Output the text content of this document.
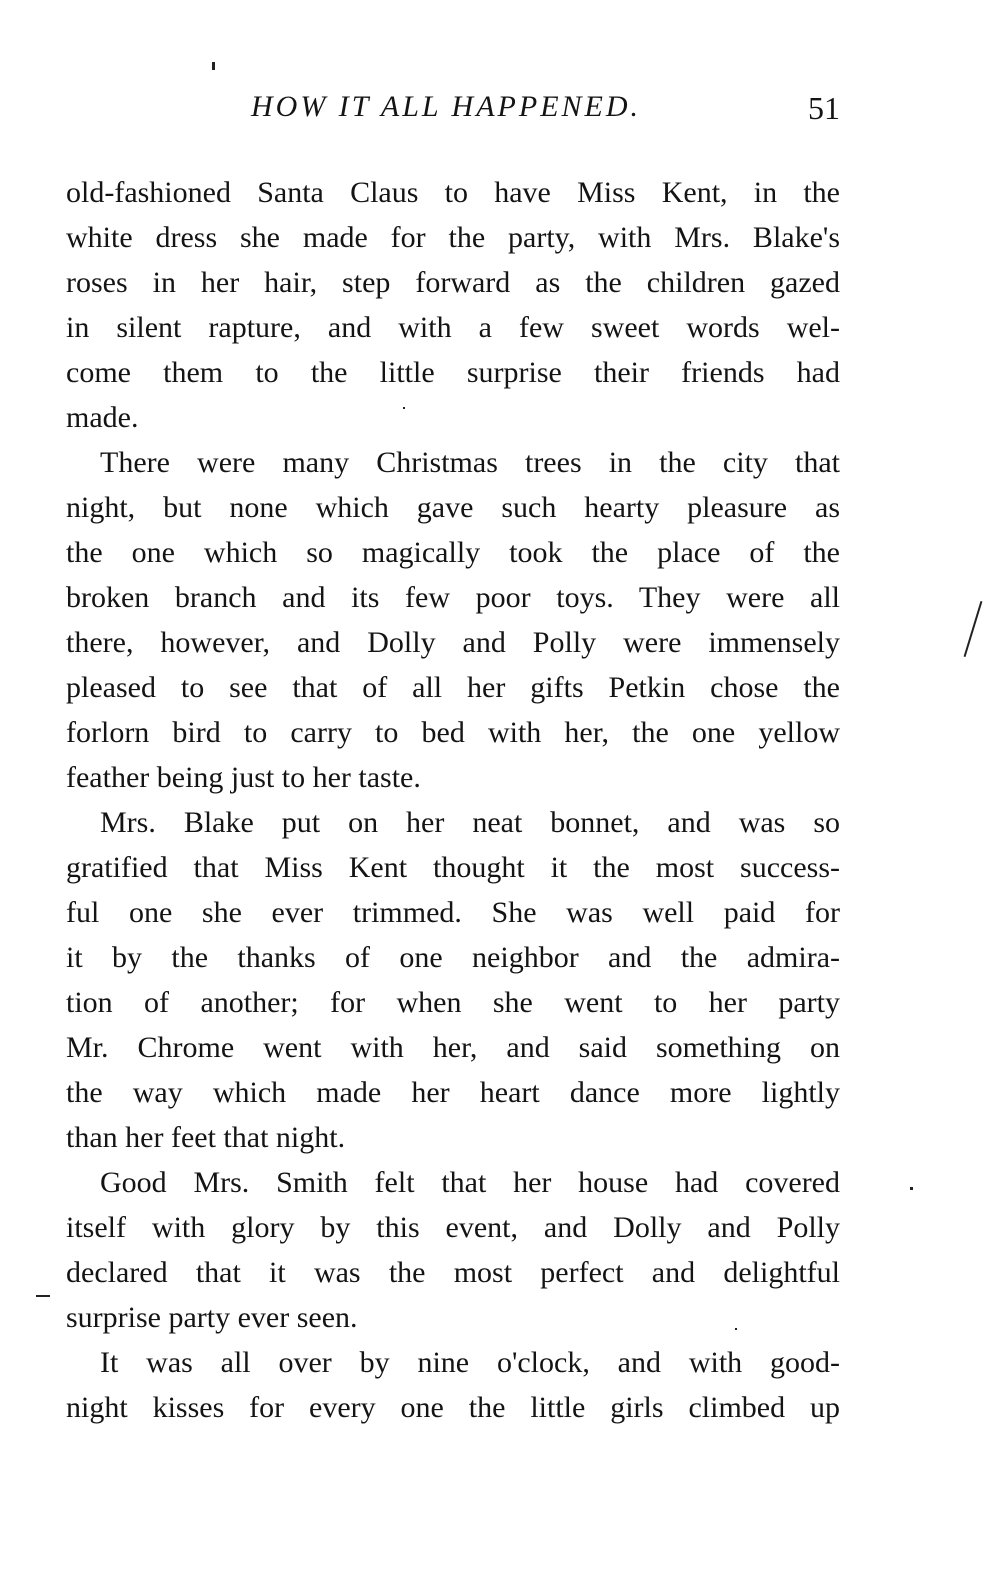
HOW IT ALL HAPPENED.	51
old-fashioned Santa Claus to have Miss Kent, in the
white dress she made for the party, with Mrs. Blake's
roses in her hair, step forward as the children gazed
in silent rapture, and with a few sweet words wel-
come them to the little surprise their friends had
made.
There were many Christmas trees in the city that
night, but none which gave such hearty pleasure as
the one which so magically took the place of the
broken branch and its few poor toys. They were all
there, however, and Dolly and Polly were immensely
pleased to see that of all her gifts Petkin chose the
forlorn bird to carry to bed with her, the one yellow
feather being just to her taste.
Mrs. Blake put on her neat bonnet, and was so
gratified that Miss Kent thought it the most success-
ful one she ever trimmed. She was well paid for
it by the thanks of one neighbor and the admira-
tion of another; for when she went to her party
Mr. Chrome went with her, and said something on
the way which made her heart dance more lightly
than her feet that night.
Good Mrs. Smith felt that her house had covered
itself with glory by this event, and Dolly and Polly
declared that it was the most perfect and delightful
surprise party ever seen.
It was all over by nine o'clock, and with good-
night kisses for every one the little girls climbed up
